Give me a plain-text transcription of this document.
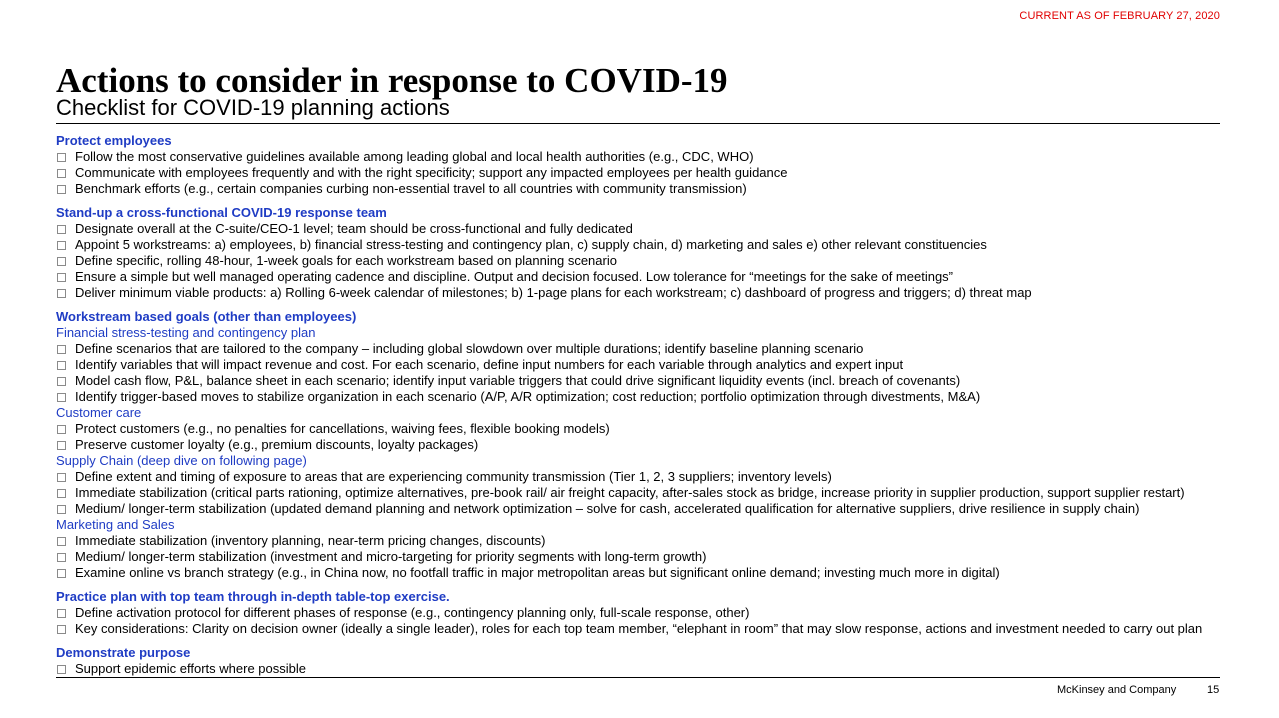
CURRENT AS OF FEBRUARY 27, 2020
Actions to consider in response to COVID-19
Checklist for COVID-19 planning actions
Protect employees
Follow the most conservative guidelines available among leading global and local health authorities (e.g., CDC, WHO)
Communicate with employees frequently and with the right specificity; support any impacted employees per health guidance
Benchmark efforts (e.g., certain companies curbing non-essential travel to all countries with community transmission)
Stand-up a cross-functional COVID-19 response team
Designate overall at the C-suite/CEO-1 level; team should be cross-functional and fully dedicated
Appoint 5 workstreams: a) employees, b) financial stress-testing and contingency plan, c) supply chain, d) marketing and sales e) other relevant constituencies
Define specific, rolling 48-hour, 1-week goals for each workstream based on planning scenario
Ensure a simple but well managed operating cadence and discipline. Output and decision focused. Low tolerance for “meetings for the sake of meetings”
Deliver minimum viable products: a) Rolling 6-week calendar of milestones; b) 1-page plans for each workstream; c) dashboard of progress and triggers; d) threat map
Workstream based goals (other than employees)
Financial stress-testing and contingency plan
Define scenarios that are tailored to the company – including global slowdown over multiple durations; identify baseline planning scenario
Identify variables that will impact revenue and cost. For each scenario, define input numbers for each variable through analytics and expert input
Model cash flow, P&L, balance sheet in each scenario; identify input variable triggers that could drive significant liquidity events (incl. breach of covenants)
Identify trigger-based moves to stabilize organization in each scenario (A/P, A/R optimization; cost reduction; portfolio optimization through divestments, M&A)
Customer care
Protect customers (e.g., no penalties for cancellations, waiving fees, flexible booking models)
Preserve customer loyalty (e.g., premium discounts, loyalty packages)
Supply Chain (deep dive on following page)
Define extent and timing of exposure to areas that are experiencing community transmission (Tier 1, 2, 3 suppliers; inventory levels)
Immediate stabilization (critical parts rationing, optimize alternatives, pre-book rail/ air freight capacity, after-sales stock as bridge, increase priority in supplier production, support supplier restart)
Medium/ longer-term stabilization (updated demand planning and network optimization – solve for cash, accelerated qualification for alternative suppliers, drive resilience in supply chain)
Marketing and Sales
Immediate stabilization (inventory planning, near-term pricing changes, discounts)
Medium/ longer-term stabilization (investment and micro-targeting for priority segments with long-term growth)
Examine online vs branch strategy (e.g., in China now, no footfall traffic in major metropolitan areas but significant online demand; investing much more in digital)
Practice plan with top team through in-depth table-top exercise.
Define activation protocol for different phases of response (e.g., contingency planning only, full-scale response, other)
Key considerations: Clarity on decision owner (ideally a single leader), roles for each top team member, “elephant in room” that may slow response, actions and investment needed to carry out plan
Demonstrate purpose
Support epidemic efforts where possible
McKinsey and Company	15
